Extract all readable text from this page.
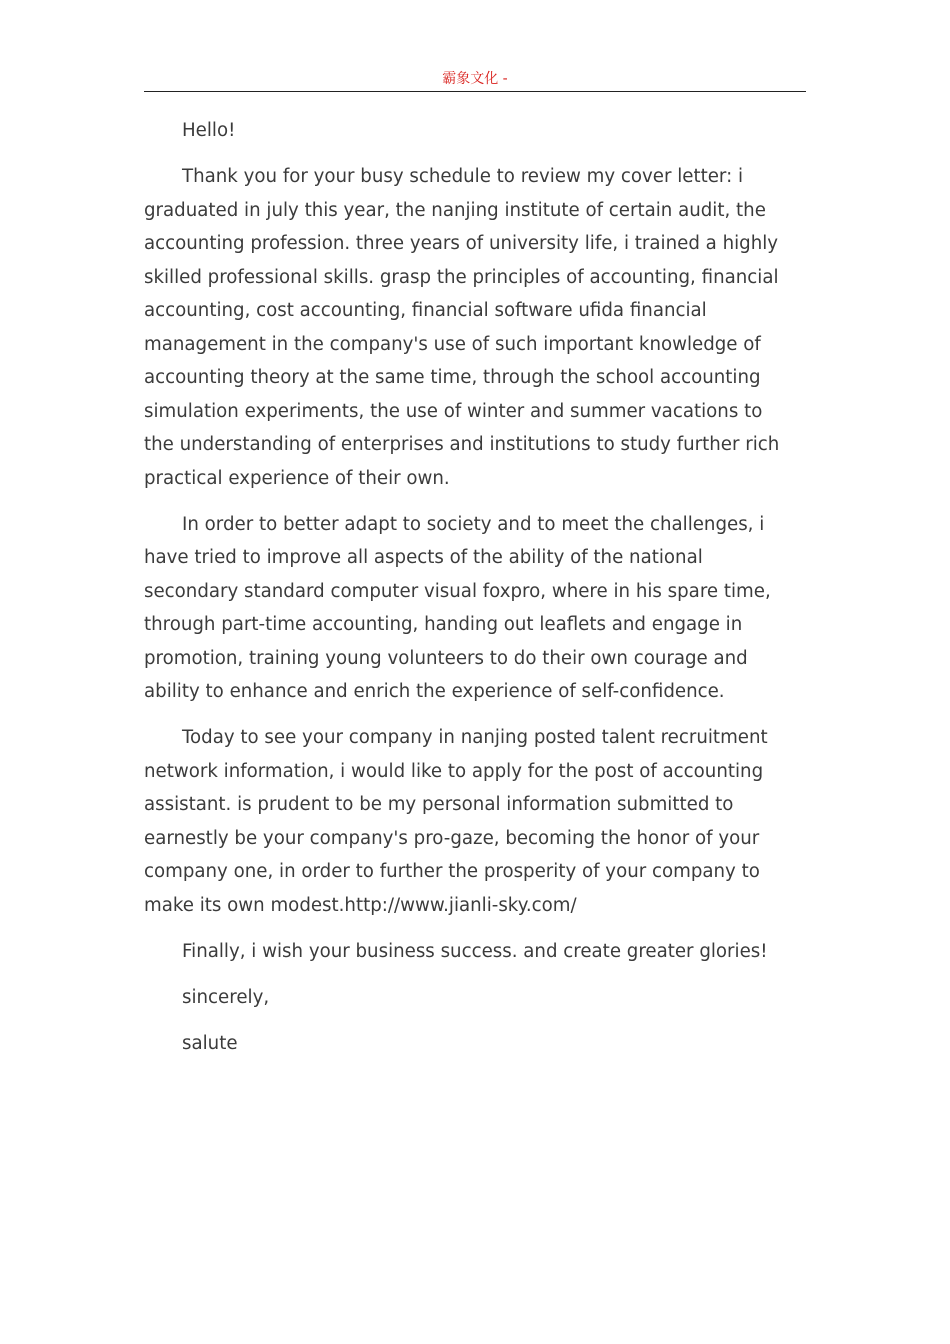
霸象文化 -

Hello!

Thank you for your busy schedule to review my cover letter: i graduated in july this year, the nanjing institute of certain audit, the accounting profession. three years of university life, i trained a highly skilled professional skills. grasp the principles of accounting, financial accounting, cost accounting, financial software ufida financial management in the company's use of such important knowledge of accounting theory at the same time, through the school accounting simulation experiments, the use of winter and summer vacations to the understanding of enterprises and institutions to study further rich practical experience of their own.

In order to better adapt to society and to meet the challenges, i have tried to improve all aspects of the ability of the national secondary standard computer visual foxpro, where in his spare time, through part-time accounting, handing out leaflets and engage in promotion, training young volunteers to do their own courage and ability to enhance and enrich the experience of self-confidence.

Today to see your company in nanjing posted talent recruitment network information, i would like to apply for the post of accounting assistant. is prudent to be my personal information submitted to earnestly be your company's pro-gaze, becoming the honor of your company one, in order to further the prosperity of your company to make its own modest.http://www.jianli-sky.com/

Finally, i wish your business success. and create greater glories!

sincerely,

salute
